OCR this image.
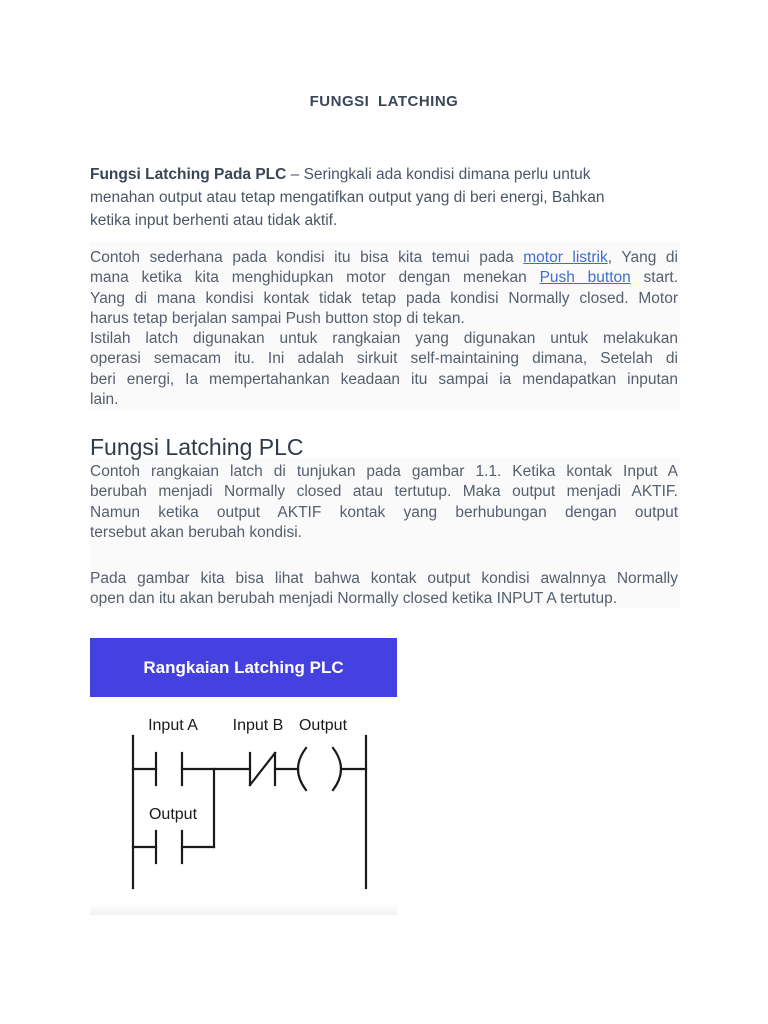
FUNGSI LATCHING

Fungsi Latching Pada PLC – Seringkali ada kondisi dimana perlu untuk
menahan output atau tetap mengatifkan output yang di beri energi, Bahkan
ketika input berhenti atau tidak aktif.

Contoh sederhana pada kondisi itu bisa kita temui pada motor listrik, Yang di
mana ketika kita menghidupkan motor dengan menekan Push button start.
Yang di mana kondisi kontak tidak tetap pada kondisi Normally closed. Motor
harus tetap berjalan sampai Push button stop di tekan.
Istilah latch digunakan untuk rangkaian yang digunakan untuk melakukan
operasi semacam itu. Ini adalah sirkuit self-maintaining dimana, Setelah di
beri energi, Ia mempertahankan keadaan itu sampai ia mendapatkan inputan
lain.

Fungsi Latching PLC

Contoh rangkaian latch di tunjukan pada gambar 1.1. Ketika kontak Input A
berubah menjadi Normally closed atau tertutup. Maka output menjadi AKTIF.
Namun ketika output AKTIF kontak yang berhubungan dengan output
tersebut akan berubah kondisi.

Pada gambar kita bisa lihat bahwa kontak output kondisi awalnnya Normally
open dan itu akan berubah menjadi Normally closed ketika INPUT A tertutup.

Rangkaian Latching PLC
Input A Input B Output
Output
